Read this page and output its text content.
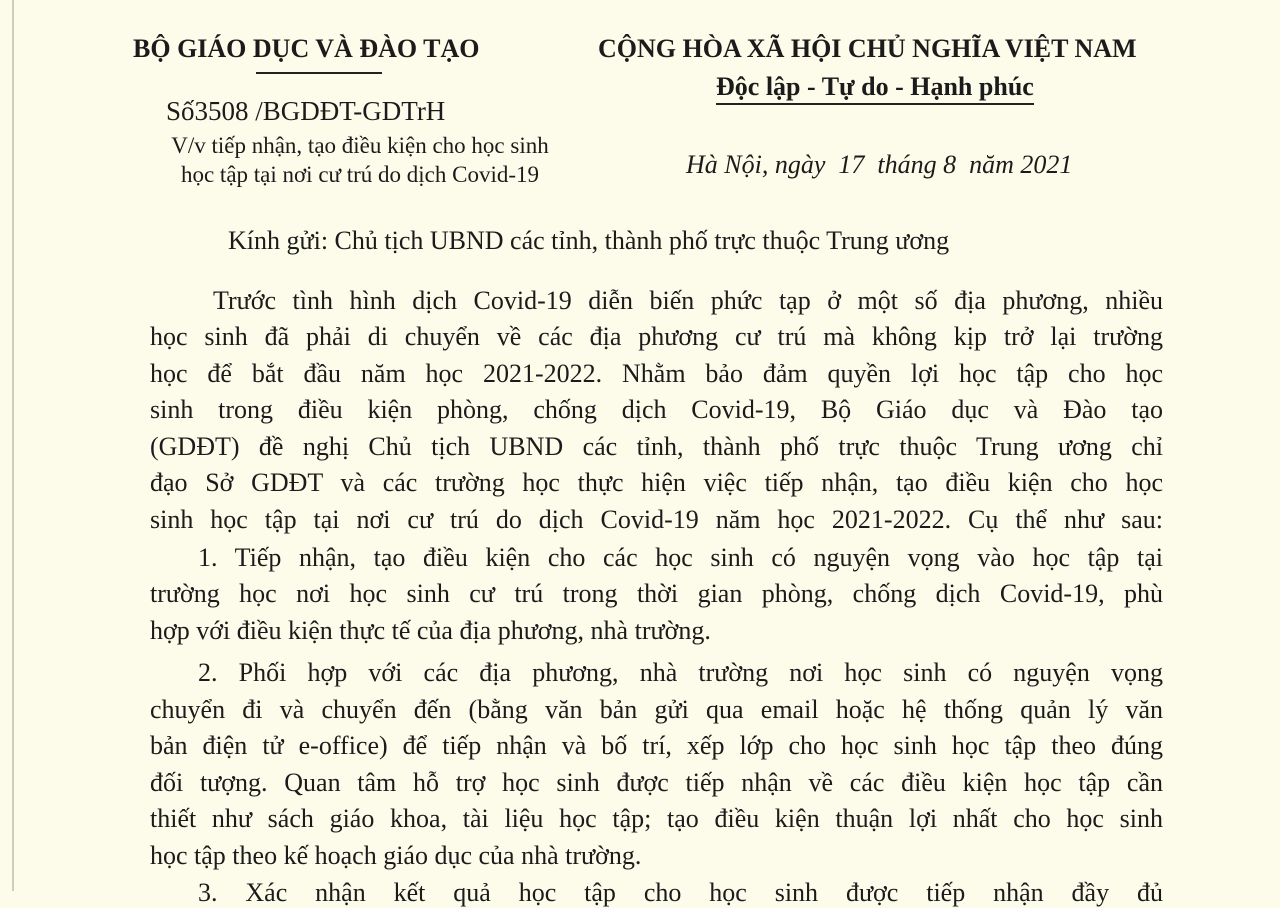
BỘ GIÁO DỤC VÀ ĐÀO TẠO	CỘNG HÒA XÃ HỘI CHỦ NGHĨA VIỆT NAM
Độc lập - Tự do - Hạnh phúc
Số3508 /BGDĐT-GDTrH
V/v tiếp nhận, tạo điều kiện cho học sinh
học tập tại nơi cư trú do dịch Covid-19	Hà Nội, ngày  17  tháng 8  năm 2021
Kính gửi: Chủ tịch UBND các tỉnh, thành phố trực thuộc Trung ương
Trước tình hình dịch Covid-19 diễn biến phức tạp ở một số địa phương, nhiều
học sinh đã phải di chuyển về các địa phương cư trú mà không kịp trở lại trường
học để bắt đầu năm học 2021-2022. Nhằm bảo đảm quyền lợi học tập cho học
sinh trong điều kiện phòng, chống dịch Covid-19, Bộ Giáo dục và Đào tạo
(GDĐT) đề nghị Chủ tịch UBND các tỉnh, thành phố trực thuộc Trung ương chỉ
đạo Sở GDĐT và các trường học thực hiện việc tiếp nhận, tạo điều kiện cho học
sinh học tập tại nơi cư trú do dịch Covid-19 năm học 2021-2022. Cụ thể như sau:
1. Tiếp nhận, tạo điều kiện cho các học sinh có nguyện vọng vào học tập tại
trường học nơi học sinh cư trú trong thời gian phòng, chống dịch Covid-19, phù
hợp với điều kiện thực tế của địa phương, nhà trường.
2. Phối hợp với các địa phương, nhà trường nơi học sinh có nguyện vọng
chuyển đi và chuyển đến (bằng văn bản gửi qua email hoặc hệ thống quản lý văn
bản điện tử e-office) để tiếp nhận và bố trí, xếp lớp cho học sinh học tập theo đúng
đối tượng. Quan tâm hỗ trợ học sinh được tiếp nhận về các điều kiện học tập cần
thiết như sách giáo khoa, tài liệu học tập; tạo điều kiện thuận lợi nhất cho học sinh
học tập theo kế hoạch giáo dục của nhà trường.
3. Xác nhận kết quả học tập cho học sinh được tiếp nhận đầy đủ
